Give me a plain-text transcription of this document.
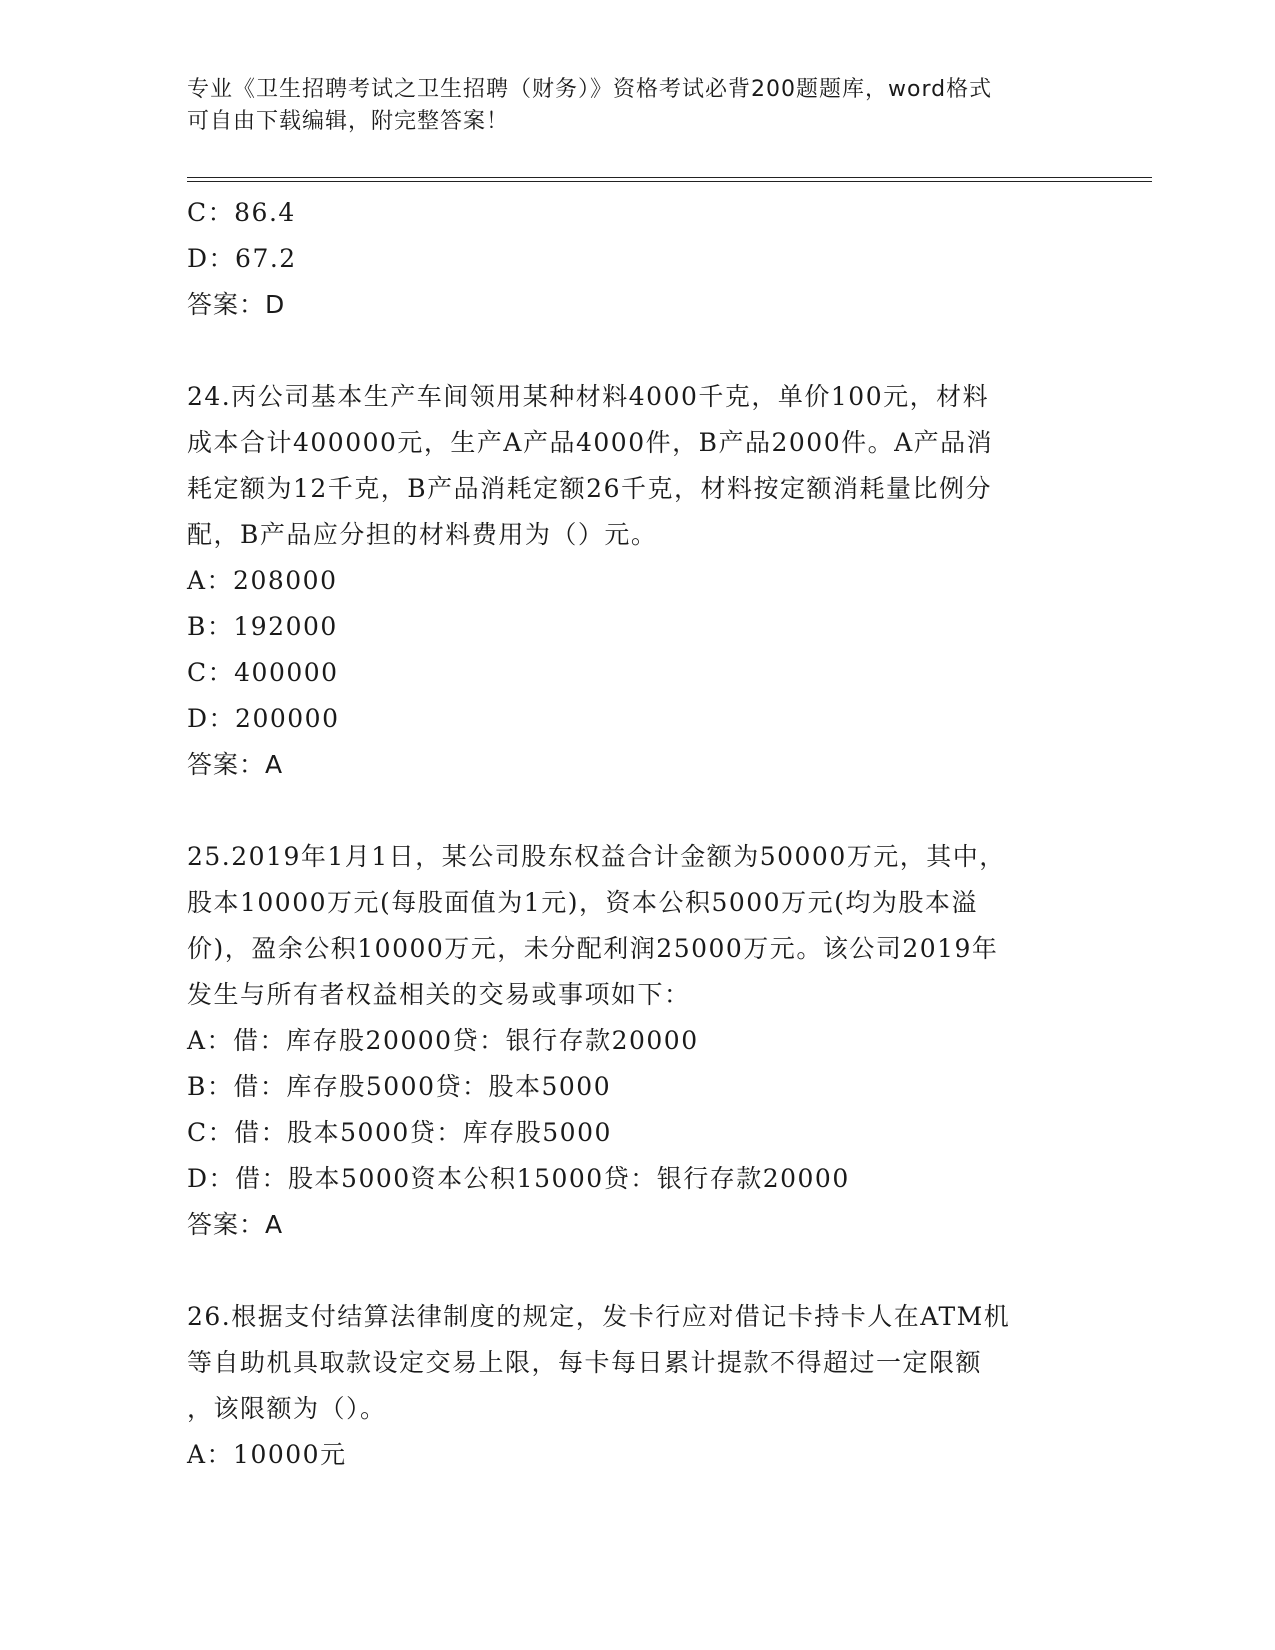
专业《卫生招聘考试之卫生招聘（财务）》资格考试必背200题题库，word格式
可自由下载编辑，附完整答案！
C：86.4
D：67.2
答案：D
24.丙公司基本生产车间领用某种材料4000千克，单价100元，材料
成本合计400000元，生产A产品4000件，B产品2000件。A产品消
耗定额为12千克，B产品消耗定额26千克，材料按定额消耗量比例分
配，B产品应分担的材料费用为（）元。
A：208000
B：192000
C：400000
D：200000
答案：A
25.2019年1月1日，某公司股东权益合计金额为50000万元，其中，
股本10000万元(每股面值为1元)，资本公积5000万元(均为股本溢
价)，盈余公积10000万元，未分配利润25000万元。该公司2019年
发生与所有者权益相关的交易或事项如下：
A：借：库存股20000贷：银行存款20000
B：借：库存股5000贷：股本5000
C：借：股本5000贷：库存股5000
D：借：股本5000资本公积15000贷：银行存款20000
答案：A
26.根据支付结算法律制度的规定，发卡行应对借记卡持卡人在ATM机
等自助机具取款设定交易上限，每卡每日累计提款不得超过一定限额
，该限额为（）。
A：10000元
